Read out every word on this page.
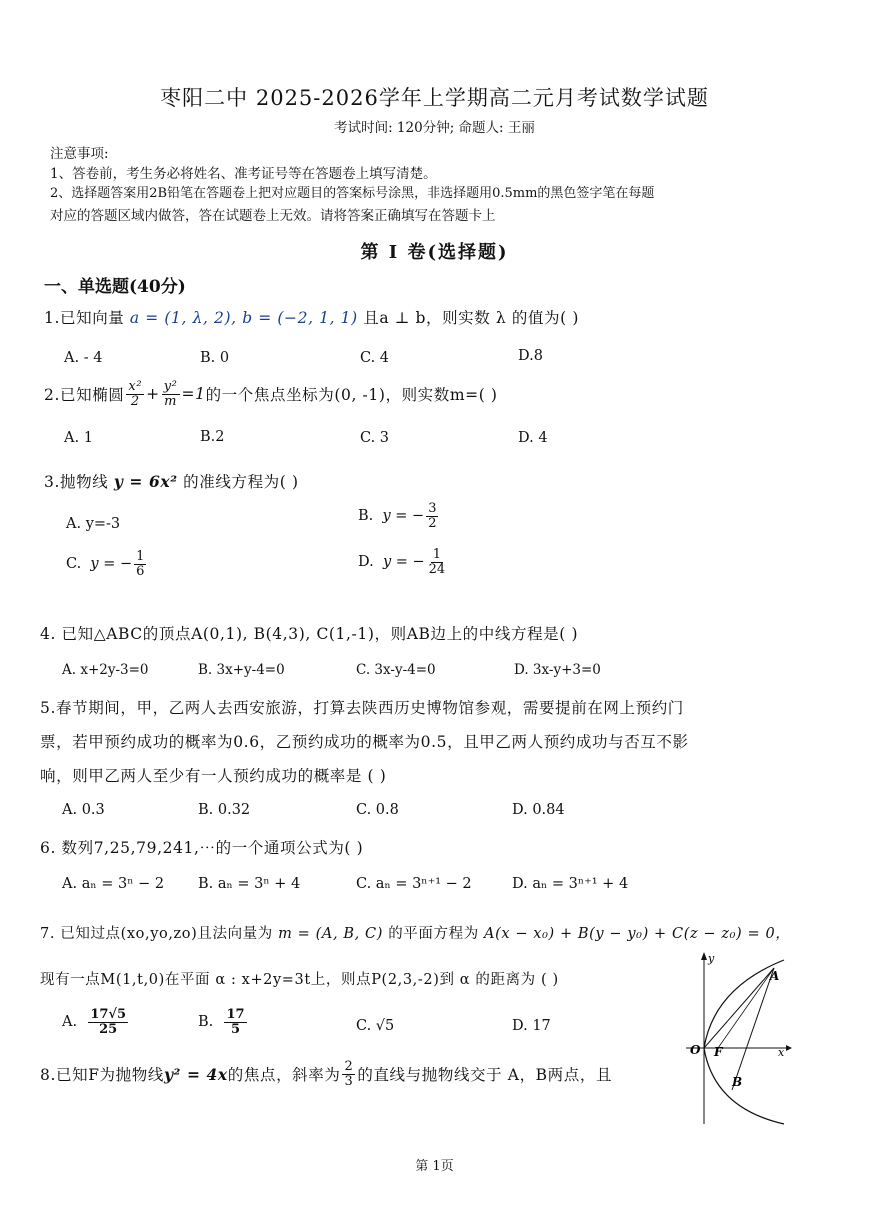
枣阳二中 2025-2026学年上学期高二元月考试数学试题
考试时间: 120分钟; 命题人: 王丽
注意事项:
1、答卷前，考生务必将姓名、准考证号等在答题卷上填写清楚。
2、选择题答案用2B铅笔在答题卷上把对应题目的答案标号涂黑，非选择题用0.5mm的黑色签字笔在每题
对应的答题区域内做答，答在试题卷上无效。请将答案正确填写在答题卡上
第 I 卷(选择题)
一、单选题(40分)
1.已知向量 a = (1, λ, 2), b = (−2, 1, 1) 且a ⊥ b，则实数 λ 的值为( )
A. - 4	B. 0	C. 4	D.8
2.已知椭圆 $\frac{\text{x²}}{2} + \frac{\text{y²}}{m} =1$ 的一个焦点坐标为(0, -1)，则实数m=( )
A. 1	B.2	C. 3	D. 4
3.抛物线 y = 6x² 的准线方程为( )
A. y=-3	B.
y = − $\frac{3}{2}$
C.
y = − $\frac{1}{6}$	D.
y = − $\frac{1}{24}$
4. 已知△ABC的顶点A(0,1), B(4,3), C(1,-1)，则AB边上的中线方程是( )
A. x+2y-3=0	B. 3x+y-4=0	C. 3x-y-4=0	D. 3x-y+3=0
5.春节期间，甲，乙两人去西安旅游，打算去陕西历史博物馆参观，需要提前在网上预约门
票，若甲预约成功的概率为0.6，乙预约成功的概率为0.5，且甲乙两人预约成功与否互不影
响，则甲乙两人至少有一人预约成功的概率是 ( )
A. 0.3	B. 0.32	C. 0.8	D. 0.84
6. 数列7,25,79,241,⋯的一个通项公式为( )
A. aₙ = 3ⁿ − 2 B. aₙ = 3ⁿ + 4	C. aₙ = 3ⁿ⁺¹ − 2	D. aₙ = 3ⁿ⁺¹ + 4
7. 已知过点(xo,yo,zo)且法向量为 m = (A, B, C) 的平面方程为 A(x − x₀) + B(y − y₀) + C(z − z₀) = 0，
现有一点M(1,t,0)在平面 α : x+2y=3t上，则点P(2,3,-2)到 α 的距离为 ( )
A.
$\frac{17√5}{25}$	B.
$\frac{17}{5}$	C. √5	D. 17
8.已知F为抛物线 y² = 4x 的焦点，斜率为 $\frac{2}{3}$ 的直线与抛物线交于 A，B两点，且
y
x
O F
A
B
第 1页
